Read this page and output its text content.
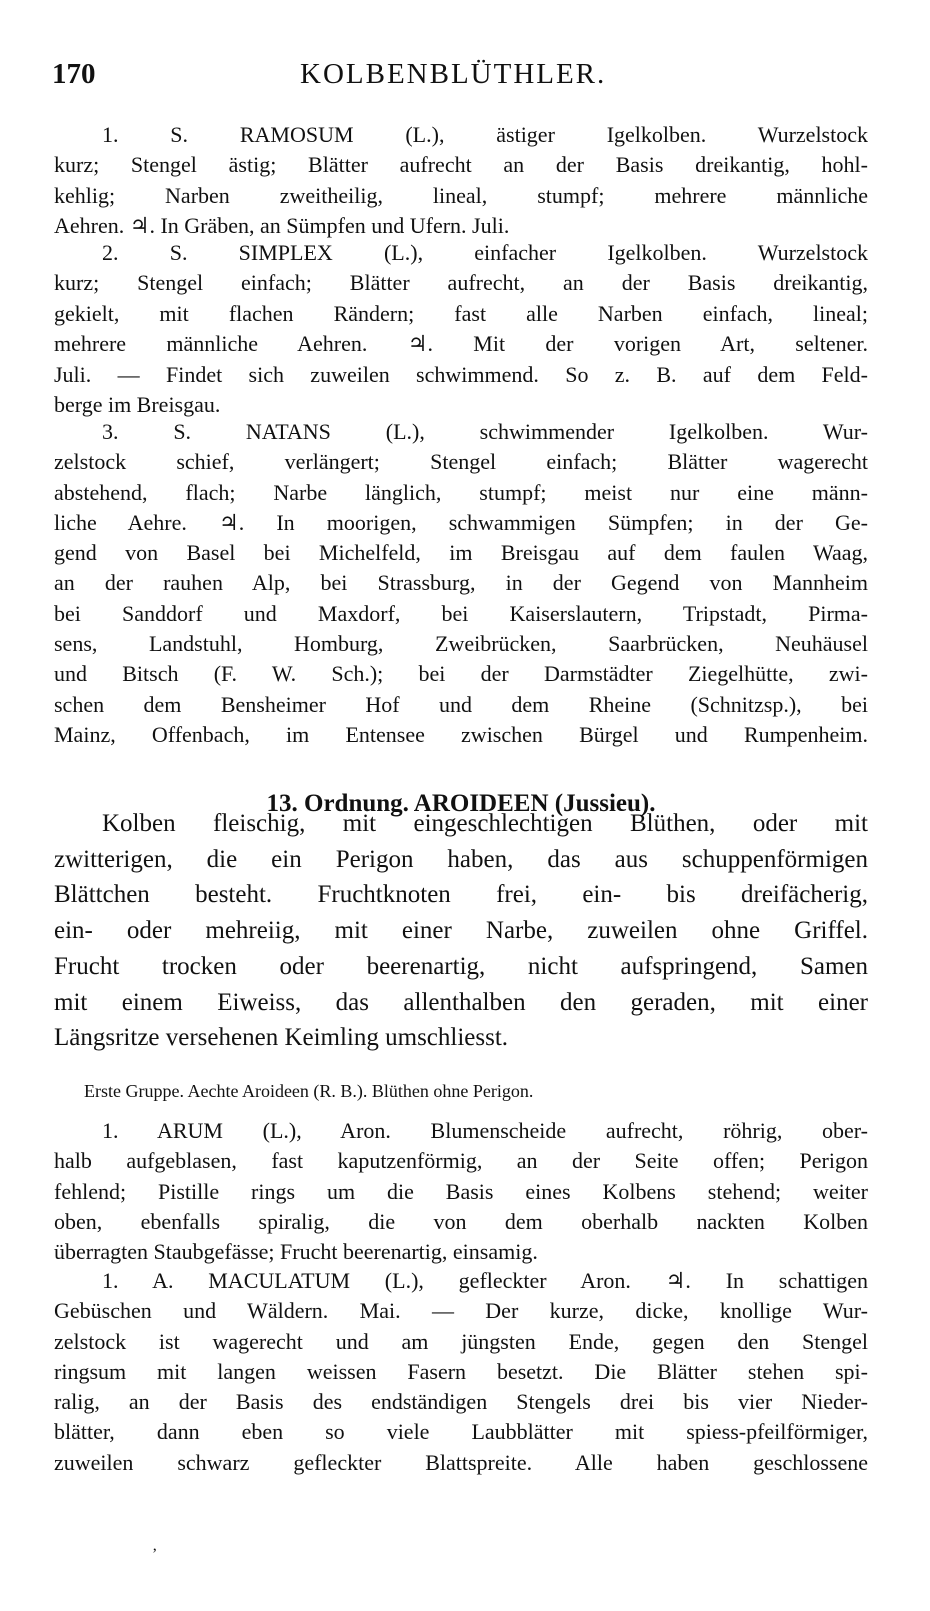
170	KOLBENBLÜTHLER.
1. S. RAMOSUM (L.), ästiger Igelkolben. Wurzelstock
kurz; Stengel ästig; Blätter aufrecht an der Basis dreikantig, hohl-
kehlig; Narben zweitheilig, lineal, stumpf; mehrere männliche
Aehren. ♃. In Gräben, an Sümpfen und Ufern. Juli.
2. S. SIMPLEX (L.), einfacher Igelkolben. Wurzelstock
kurz; Stengel einfach; Blätter aufrecht, an der Basis dreikantig,
gekielt, mit flachen Rändern; fast alle Narben einfach, lineal;
mehrere männliche Aehren. ♃. Mit der vorigen Art, seltener.
Juli. — Findet sich zuweilen schwimmend. So z. B. auf dem Feld-
berge im Breisgau.
3. S. NATANS (L.), schwimmender Igelkolben. Wur-
zelstock schief, verlängert; Stengel einfach; Blätter wagerecht
abstehend, flach; Narbe länglich, stumpf; meist nur eine männ-
liche Aehre. ♃. In moorigen, schwammigen Sümpfen; in der Ge-
gend von Basel bei Michelfeld, im Breisgau auf dem faulen Waag,
an der rauhen Alp, bei Strassburg, in der Gegend von Mannheim
bei Sanddorf und Maxdorf, bei Kaiserslautern, Tripstadt, Pirma-
sens, Landstuhl, Homburg, Zweibrücken, Saarbrücken, Neuhäusel
und Bitsch (F. W. Sch.); bei der Darmstädter Ziegelhütte, zwi-
schen dem Bensheimer Hof und dem Rheine (Schnitzsp.), bei
Mainz, Offenbach, im Entensee zwischen Bürgel und Rumpenheim.
13. Ordnung. AROIDEEN (Jussieu).
Kolben fleischig, mit eingeschlechtigen Blüthen, oder mit
zwitterigen, die ein Perigon haben, das aus schuppenförmigen
Blättchen besteht. Fruchtknoten frei, ein- bis dreifächerig,
ein- oder mehreiig, mit einer Narbe, zuweilen ohne Griffel.
Frucht trocken oder beerenartig, nicht aufspringend, Samen
mit einem Eiweiss, das allenthalben den geraden, mit einer
Längsritze versehenen Keimling umschliesst.
Erste Gruppe. Aechte Aroideen (R. B.). Blüthen ohne Perigon.
1. ARUM (L.), Aron. Blumenscheide aufrecht, röhrig, ober-
halb aufgeblasen, fast kaputzenförmig, an der Seite offen; Perigon
fehlend; Pistille rings um die Basis eines Kolbens stehend; weiter
oben, ebenfalls spiralig, die von dem oberhalb nackten Kolben
überragten Staubgefässe; Frucht beerenartig, einsamig.
1. A. MACULATUM (L.), gefleckter Aron. ♃. In schattigen
Gebüschen und Wäldern. Mai. — Der kurze, dicke, knollige Wur-
zelstock ist wagerecht und am jüngsten Ende, gegen den Stengel
ringsum mit langen weissen Fasern besetzt. Die Blätter stehen spi-
ralig, an der Basis des endständigen Stengels drei bis vier Nieder-
blätter, dann eben so viele Laubblätter mit spiess-pfeilförmiger,
zuweilen schwarz gefleckter Blattspreite. Alle haben geschlossene
‚
